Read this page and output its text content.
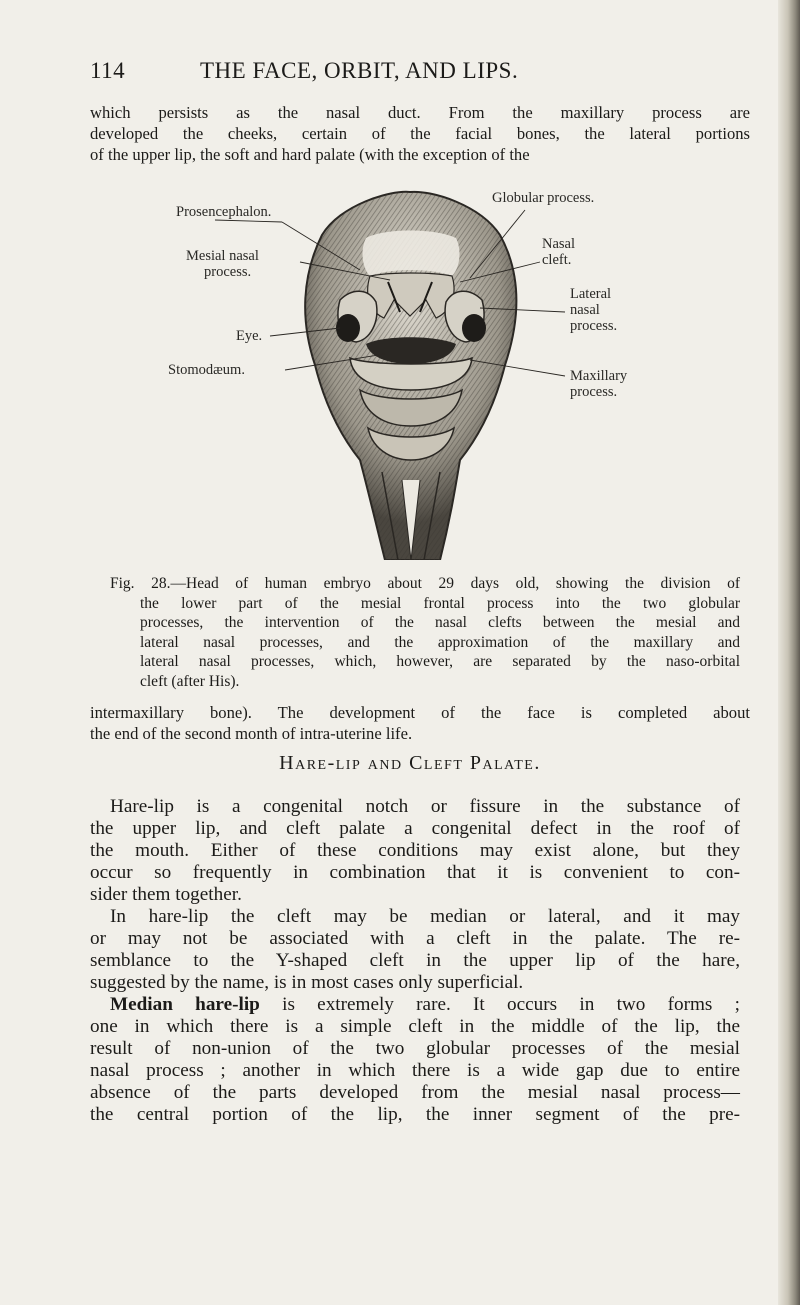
114	THE FACE, ORBIT, AND LIPS.
which persists as the nasal duct. From the maxillary process are
developed the cheeks, certain of the facial bones, the lateral portions
of the upper lip, the soft and hard palate (with the exception of the
Prosencephalon.
Globular process.
Mesial nasal
process.
Nasal
cleft.
Lateral
nasal
process.
Eye.
Stomodæum.	Maxillary
process.
Fig. 28.—Head of human embryo about 29 days old, showing the division of
the lower part of the mesial frontal process into the two globular
processes, the intervention of the nasal clefts between the mesial and
lateral nasal processes, and the approximation of the maxillary and
lateral nasal processes, which, however, are separated by the naso-orbital
cleft (after His).
intermaxillary bone). The development of the face is completed about
the end of the second month of intra-uterine life.
Hare-lip and Cleft Palate.
Hare-lip is a congenital notch or fissure in the substance of
the upper lip, and cleft palate a congenital defect in the roof of
the mouth. Either of these conditions may exist alone, but they
occur so frequently in combination that it is convenient to con-
sider them together.
In hare-lip the cleft may be median or lateral, and it may
or may not be associated with a cleft in the palate. The re-
semblance to the Y-shaped cleft in the upper lip of the hare,
suggested by the name, is in most cases only superficial.
Median hare-lip is extremely rare. It occurs in two forms ;
one in which there is a simple cleft in the middle of the lip, the
result of non-union of the two globular processes of the mesial
nasal process ; another in which there is a wide gap due to entire
absence of the parts developed from the mesial nasal process—
the central portion of the lip, the inner segment of the pre-
